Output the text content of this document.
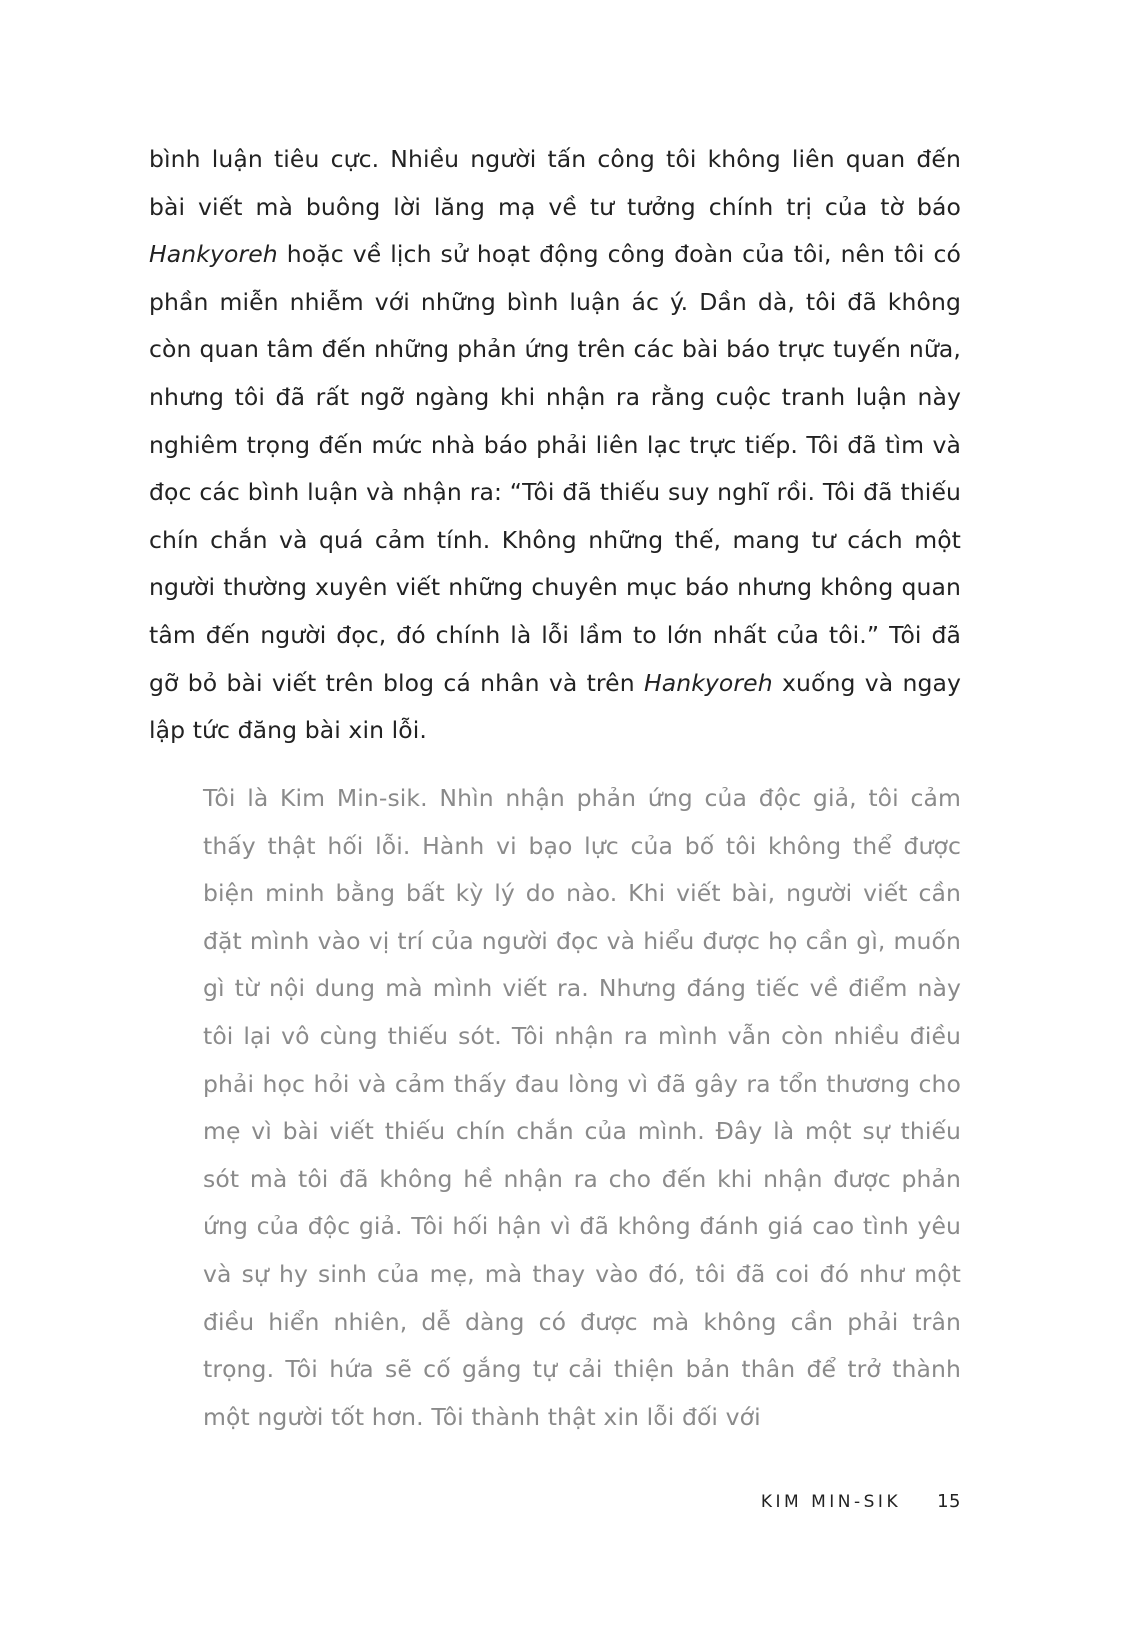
bình luận tiêu cực. Nhiều người tấn công tôi không liên quan đến bài viết mà buông lời lăng mạ về tư tưởng chính trị của tờ báo Hankyoreh hoặc về lịch sử hoạt động công đoàn của tôi, nên tôi có phần miễn nhiễm với những bình luận ác ý. Dần dà, tôi đã không còn quan tâm đến những phản ứng trên các bài báo trực tuyến nữa, nhưng tôi đã rất ngỡ ngàng khi nhận ra rằng cuộc tranh luận này nghiêm trọng đến mức nhà báo phải liên lạc trực tiếp. Tôi đã tìm và đọc các bình luận và nhận ra: “Tôi đã thiếu suy nghĩ rồi. Tôi đã thiếu chín chắn và quá cảm tính. Không những thế, mang tư cách một người thường xuyên viết những chuyên mục báo nhưng không quan tâm đến người đọc, đó chính là lỗi lầm to lớn nhất của tôi.” Tôi đã gỡ bỏ bài viết trên blog cá nhân và trên Hankyoreh xuống và ngay lập tức đăng bài xin lỗi.

Tôi là Kim Min-sik. Nhìn nhận phản ứng của độc giả, tôi cảm thấy thật hối lỗi. Hành vi bạo lực của bố tôi không thể được biện minh bằng bất kỳ lý do nào. Khi viết bài, người viết cần đặt mình vào vị trí của người đọc và hiểu được họ cần gì, muốn gì từ nội dung mà mình viết ra. Nhưng đáng tiếc về điểm này tôi lại vô cùng thiếu sót. Tôi nhận ra mình vẫn còn nhiều điều phải học hỏi và cảm thấy đau lòng vì đã gây ra tổn thương cho mẹ vì bài viết thiếu chín chắn của mình. Đây là một sự thiếu sót mà tôi đã không hề nhận ra cho đến khi nhận được phản ứng của độc giả. Tôi hối hận vì đã không đánh giá cao tình yêu và sự hy sinh của mẹ, mà thay vào đó, tôi đã coi đó như một điều hiển nhiên, dễ dàng có được mà không cần phải trân trọng. Tôi hứa sẽ cố gắng tự cải thiện bản thân để trở thành một người tốt hơn. Tôi thành thật xin lỗi đối với

KIM MIN-SIK 15
